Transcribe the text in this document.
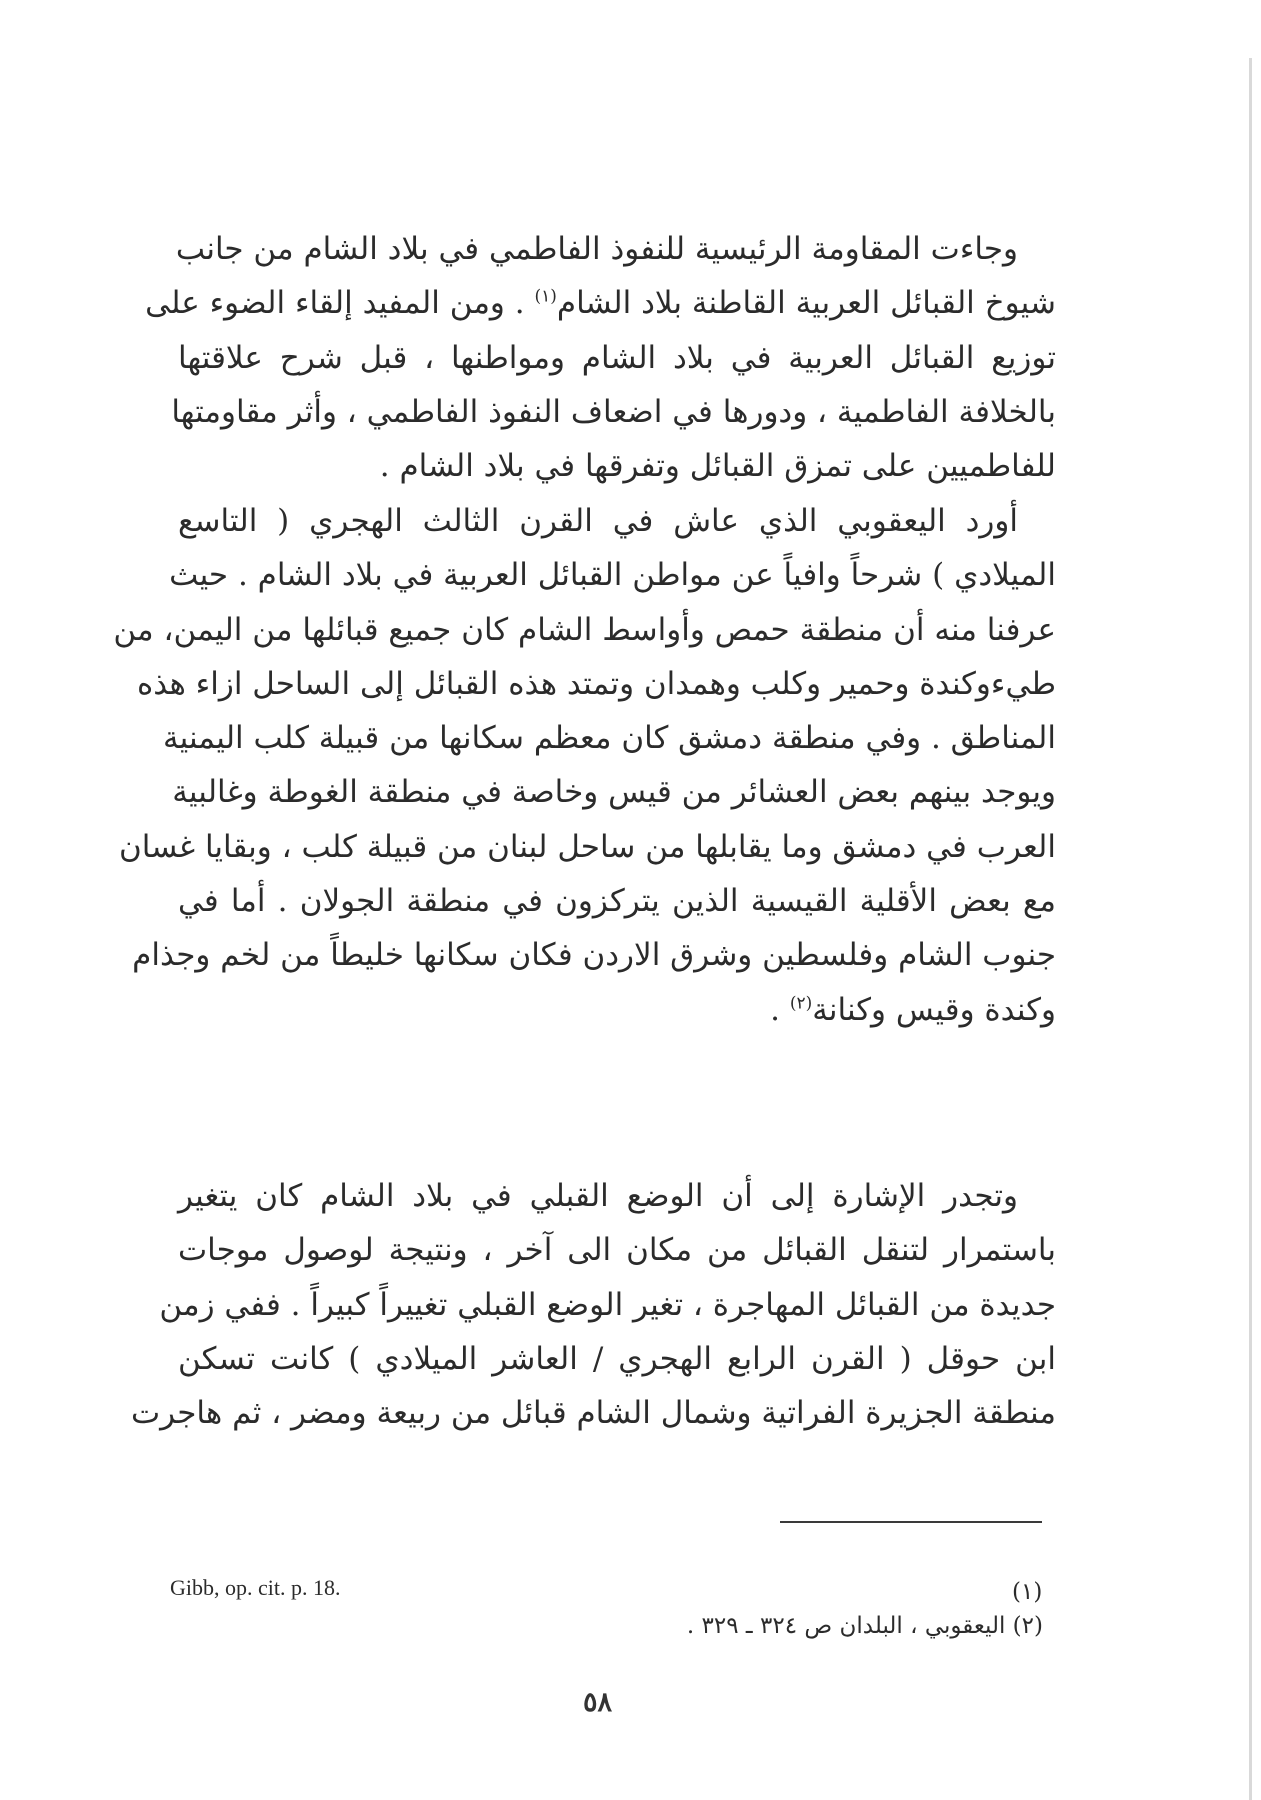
وجاءت المقاومة الرئيسية للنفوذ الفاطمي في بلاد الشام من جانب
شيوخ القبائل العربية القاطنة بلاد الشام$^{(١)}$ . ومن المفيد إلقاء الضوء على
توزيع القبائل العربية في بلاد الشام ومواطنها ، قبل شرح علاقتها
بالخلافة الفاطمية ، ودورها في اضعاف النفوذ الفاطمي ، وأثر مقاومتها
للفاطميين على تمزق القبائل وتفرقها في بلاد الشام .
أورد اليعقوبي الذي عاش في القرن الثالث الهجري ( التاسع
الميلادي ) شرحاً وافياً عن مواطن القبائل العربية في بلاد الشام . حيث
عرفنا منه أن منطقة حمص وأواسط الشام كان جميع قبائلها من اليمن، من
طيءوكندة وحمير وكلب وهمدان وتمتد هذه القبائل إلى الساحل ازاء هذه
المناطق . وفي منطقة دمشق كان معظم سكانها من قبيلة كلب اليمنية
ويوجد بينهم بعض العشائر من قيس وخاصة في منطقة الغوطة وغالبية
العرب في دمشق وما يقابلها من ساحل لبنان من قبيلة كلب ، وبقايا غسان
مع بعض الأقلية القيسية الذين يتركزون في منطقة الجولان . أما في
جنوب الشام وفلسطين وشرق الاردن فكان سكانها خليطاً من لخم وجذام
وكندة وقيس وكنانة$^{(٢)}$ .
وتجدر الإشارة إلى أن الوضع القبلي في بلاد الشام كان يتغير
باستمرار لتنقل القبائل من مكان الى آخر ، ونتيجة لوصول موجات
جديدة من القبائل المهاجرة ، تغير الوضع القبلي تغييراً كبيراً . ففي زمن
ابن حوقل ( القرن الرابع الهجري / العاشر الميلادي ) كانت تسكن
منطقة الجزيرة الفراتية وشمال الشام قبائل من ربيعة ومضر ، ثم هاجرت
(١)
Gibb, op. cit. p. 18.
(٢) اليعقوبي ، البلدان ص ٣٢٤ ـ ٣٢٩ .
٥٨
